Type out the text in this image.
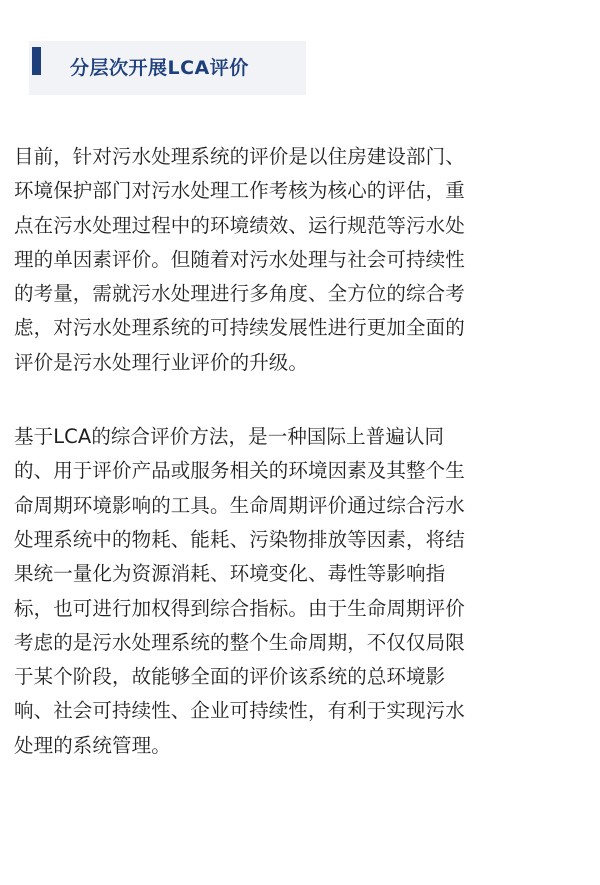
分层次开展LCA评价

目前，针对污水处理系统的评价是以住房建设部门、
环境保护部门对污水处理工作考核为核心的评估，重
点在污水处理过程中的环境绩效、运行规范等污水处
理的单因素评价。但随着对污水处理与社会可持续性
的考量，需就污水处理进行多角度、全方位的综合考
虑，对污水处理系统的可持续发展性进行更加全面的
评价是污水处理行业评价的升级。

基于LCA的综合评价方法，是一种国际上普遍认同
的、用于评价产品或服务相关的环境因素及其整个生
命周期环境影响的工具。生命周期评价通过综合污水
处理系统中的物耗、能耗、污染物排放等因素，将结
果统一量化为资源消耗、环境变化、毒性等影响指
标，也可进行加权得到综合指标。由于生命周期评价
考虑的是污水处理系统的整个生命周期，不仅仅局限
于某个阶段，故能够全面的评价该系统的总环境影
响、社会可持续性、企业可持续性，有利于实现污水
处理的系统管理。
